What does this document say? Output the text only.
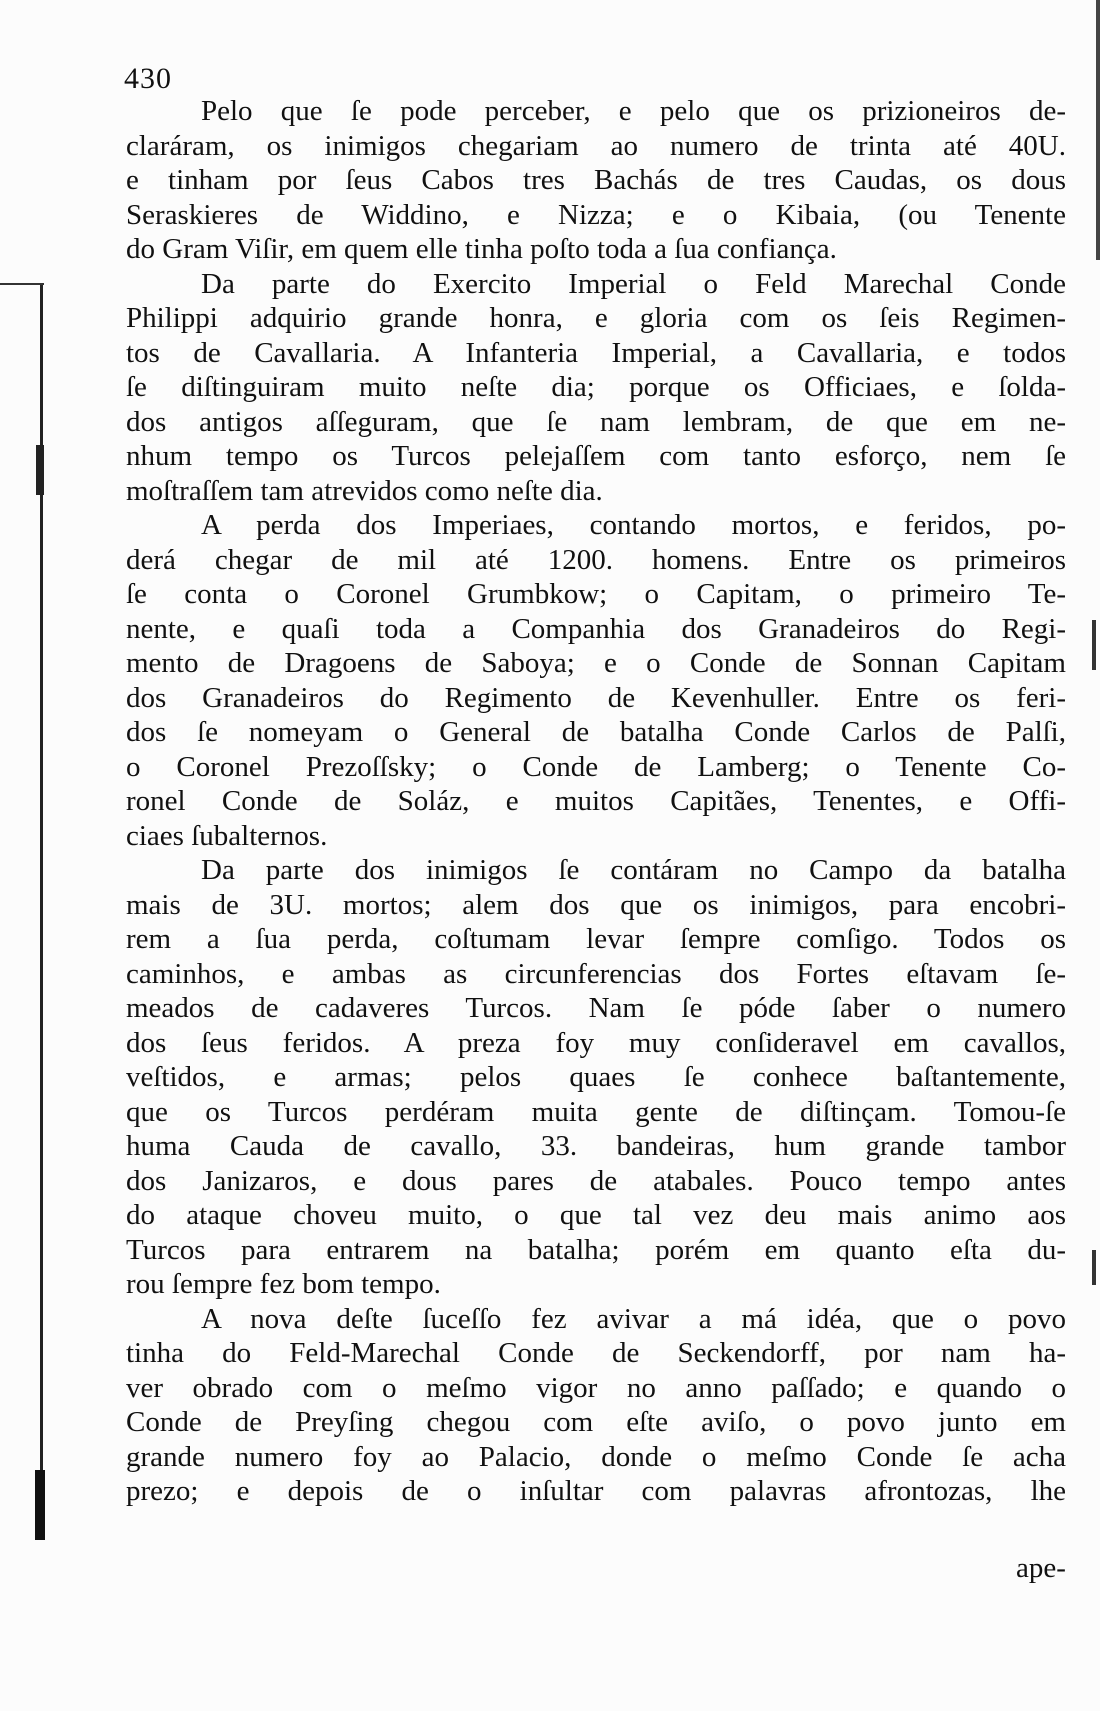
430
Pelo que ſe pode perceber, e pelo que os prizioneiros de-
claráram, os inimigos chegariam ao numero de trinta até 40U.
e tinham por ſeus Cabos tres Bachás de tres Caudas, os dous
Seraskieres de Widdino, e Nizza; e o Kibaia, (ou Tenente
do Gram Viſir, em quem elle tinha poſto toda a ſua confiança.
Da parte do Exercito Imperial o Feld Marechal Conde
Philippi adquirio grande honra, e gloria com os ſeis Regimen-
tos de Cavallaria. A Infanteria Imperial, a Cavallaria, e todos
ſe diſtinguiram muito neſte dia; porque os Officiaes, e ſolda-
dos antigos aſſeguram, que ſe nam lembram, de que em ne-
nhum tempo os Turcos pelejaſſem com tanto esforço, nem ſe
moſtraſſem tam atrevidos como neſte dia.
A perda dos Imperiaes, contando mortos, e feridos, po-
derá chegar de mil até 1200. homens. Entre os primeiros
ſe conta o Coronel Grumbkow; o Capitam, o primeiro Te-
nente, e quaſi toda a Companhia dos Granadeiros do Regi-
mento de Dragoens de Saboya; e o Conde de Sonnan Capitam
dos Granadeiros do Regimento de Kevenhuller. Entre os feri-
dos ſe nomeyam o General de batalha Conde Carlos de Palſi,
o Coronel Prezoſſsky; o Conde de Lamberg; o Tenente Co-
ronel Conde de Soláz, e muitos Capitães, Tenentes, e Offi-
ciaes ſubalternos.
Da parte dos inimigos ſe contáram no Campo da batalha
mais de 3U. mortos; alem dos que os inimigos, para encobri-
rem a ſua perda, coſtumam levar ſempre comſigo. Todos os
caminhos, e ambas as circunferencias dos Fortes eſtavam ſe-
meados de cadaveres Turcos. Nam ſe póde ſaber o numero
dos ſeus feridos. A preza foy muy conſideravel em cavallos,
veſtidos, e armas; pelos quaes ſe conhece baſtantemente,
que os Turcos perdéram muita gente de diſtinçam. Tomou-ſe
huma Cauda de cavallo, 33. bandeiras, hum grande tambor
dos Janizaros, e dous pares de atabales. Pouco tempo antes
do ataque choveu muito, o que tal vez deu mais animo aos
Turcos para entrarem na batalha; porém em quanto eſta du-
rou ſempre fez bom tempo.
A nova deſte ſuceſſo fez avivar a má idéa, que o povo
tinha do Feld-Marechal Conde de Seckendorff, por nam ha-
ver obrado com o meſmo vigor no anno paſſado; e quando o
Conde de Preyſing chegou com eſte aviſo, o povo junto em
grande numero foy ao Palacio, donde o meſmo Conde ſe acha
prezo; e depois de o inſultar com palavras afrontozas, lhe
ape-
